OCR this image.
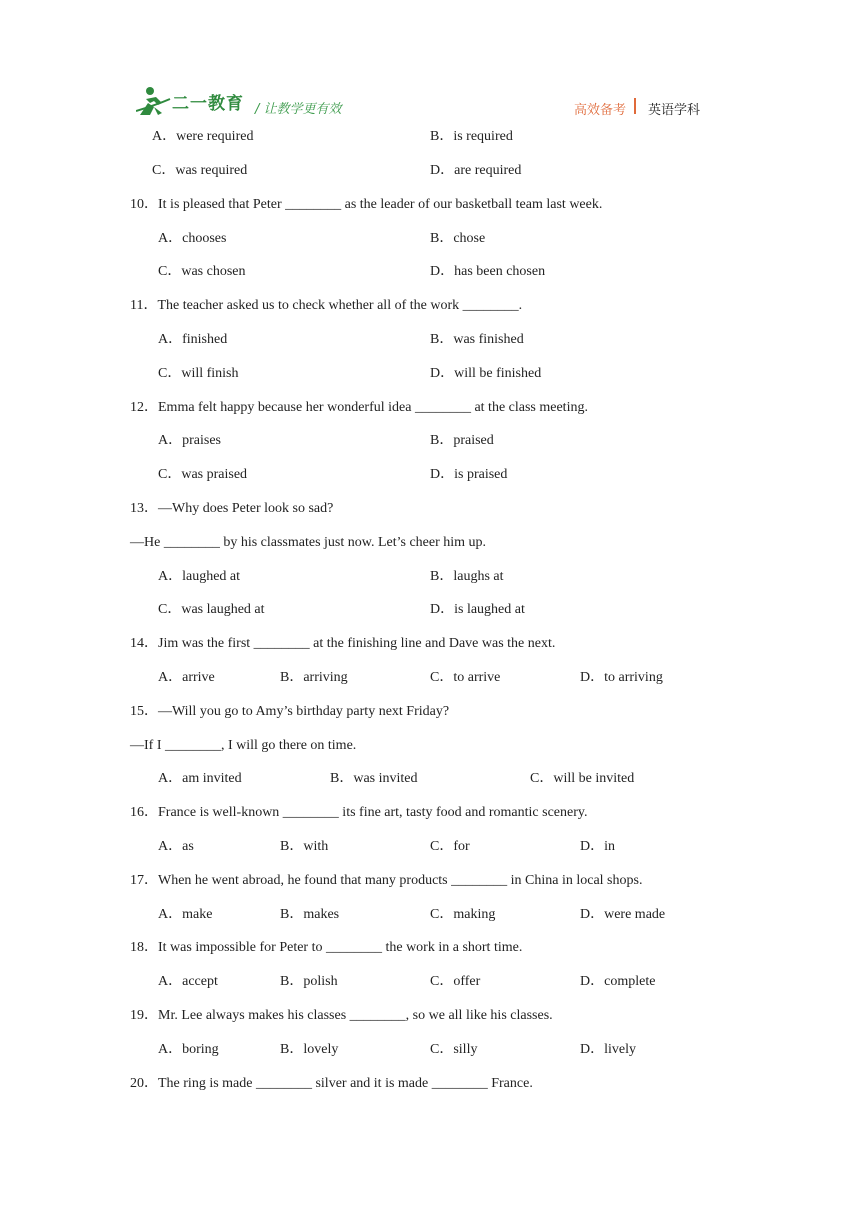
二一教育 / 让教学更有效	高效备考 英语学科
A．were required	B．is required
C．was required	D．are required
10．It is pleased that Peter ________ as the leader of our basketball team last week.
A．chooses	B．chose
C．was chosen	D．has been chosen
11．The teacher asked us to check whether all of the work ________.
A．finished	B．was finished
C．will finish	D．will be finished
12．Emma felt happy because her wonderful idea ________ at the class meeting.
A．praises	B．praised
C．was praised	D．is praised
13．—Why does Peter look so sad?
—He ________ by his classmates just now. Let’s cheer him up.
A．laughed at	B．laughs at
C．was laughed at	D．is laughed at
14．Jim was the first ________ at the finishing line and Dave was the next.
A．arrive	B．arriving	C．to arrive	D．to arriving
15．—Will you go to Amy’s birthday party next Friday?
—If I ________, I will go there on time.
A．am invited	B．was invited	C．will be invited
16．France is well-known ________ its fine art, tasty food and romantic scenery.
A．as	B．with	C．for	D．in
17．When he went abroad, he found that many products ________ in China in local shops.
A．make	B．makes	C．making	D．were made
18．It was impossible for Peter to ________ the work in a short time.
A．accept	B．polish	C．offer	D．complete
19．Mr. Lee always makes his classes ________, so we all like his classes.
A．boring	B．lovely	C．silly	D．lively
20．The ring is made ________ silver and it is made ________ France.
